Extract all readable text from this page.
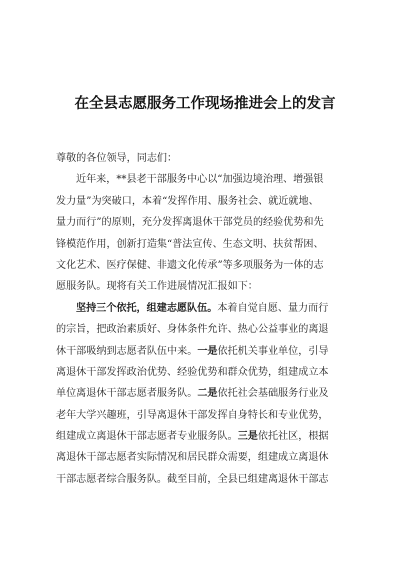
在全县志愿服务工作现场推进会上的发言
尊敬的各位领导，同志们：
近年来，**县老干部服务中心以“加强边境治理、增强银
发力量”为突破口，本着“发挥作用、服务社会、就近就地、
量力而行”的原则，充分发挥离退休干部党员的经验优势和先
锋模范作用，创新打造集“普法宣传、生态文明、扶贫帮困、
文化艺术、医疗保健、非遗文化传承”等多项服务为一体的志
愿服务队。现将有关工作进展情况汇报如下：
坚持三个依托，组建志愿队伍。本着自觉自愿、量力而行
的宗旨，把政治素质好、身体条件允许、热心公益事业的离退
休干部吸纳到志愿者队伍中来。一是依托机关事业单位，引导
离退休干部发挥政治优势、经验优势和群众优势，组建成立本
单位离退休干部志愿者服务队。二是依托社会基础服务行业及
老年大学兴趣班，引导离退休干部发挥自身特长和专业优势，
组建成立离退休干部志愿者专业服务队。三是依托社区，根据
离退休干部志愿者实际情况和居民群众需要，组建成立离退休
干部志愿者综合服务队。截至目前，全县已组建离退休干部志
